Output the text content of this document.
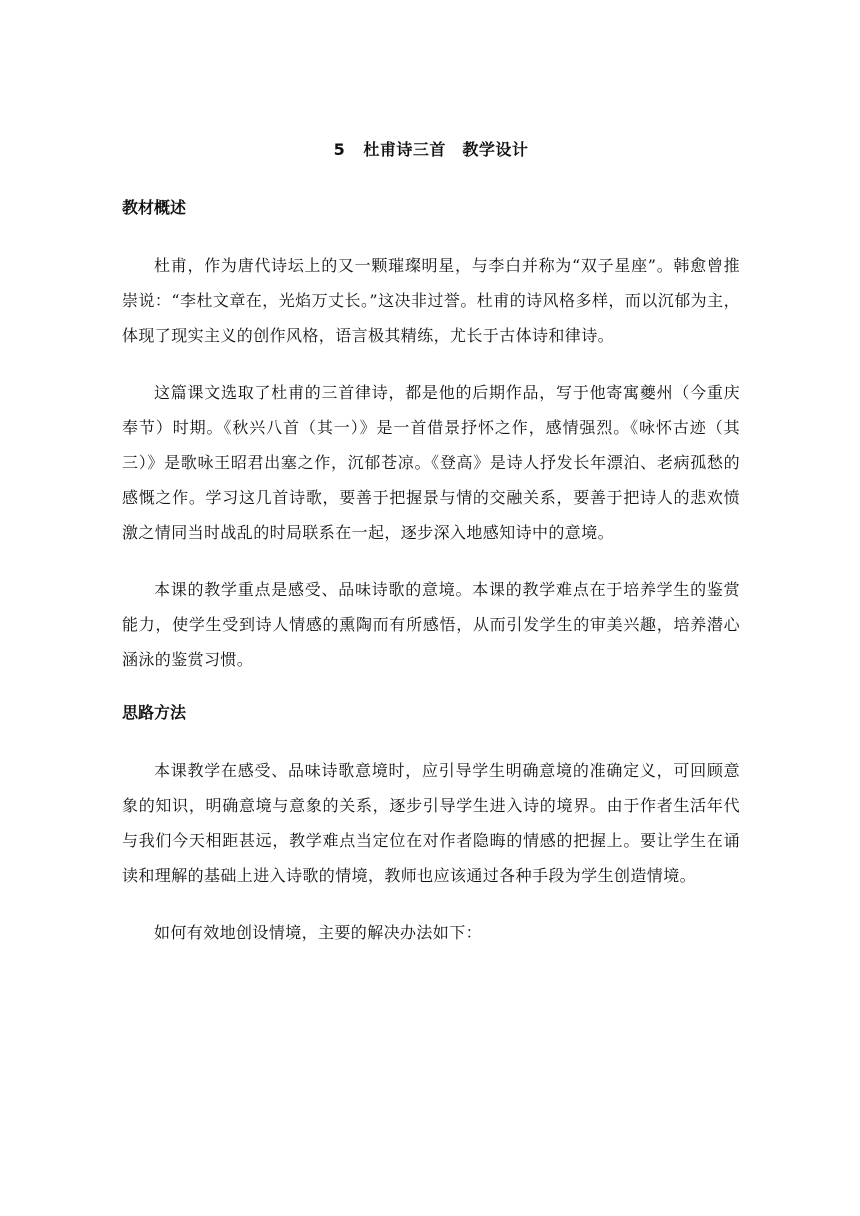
5 杜甫诗三首　教学设计
教材概述

杜甫，作为唐代诗坛上的又一颗璀璨明星，与李白并称为“双子星座”。韩愈曾推崇说：“李杜文章在，光焰万丈长。”这决非过誉。杜甫的诗风格多样，而以沉郁为主，体现了现实主义的创作风格，语言极其精练，尤长于古体诗和律诗。

这篇课文选取了杜甫的三首律诗，都是他的后期作品，写于他寄寓夔州（今重庆奉节）时期。《秋兴八首（其一）》是一首借景抒怀之作，感情强烈。《咏怀古迹（其三）》是歌咏王昭君出塞之作，沉郁苍凉。《登高》是诗人抒发长年漂泊、老病孤愁的感慨之作。学习这几首诗歌，要善于把握景与情的交融关系，要善于把诗人的悲欢愤激之情同当时战乱的时局联系在一起，逐步深入地感知诗中的意境。

本课的教学重点是感受、品味诗歌的意境。本课的教学难点在于培养学生的鉴赏能力，使学生受到诗人情感的熏陶而有所感悟，从而引发学生的审美兴趣，培养潜心涵泳的鉴赏习惯。

思路方法

本课教学在感受、品味诗歌意境时，应引导学生明确意境的准确定义，可回顾意象的知识，明确意境与意象的关系，逐步引导学生进入诗的境界。由于作者生活年代与我们今天相距甚远，教学难点当定位在对作者隐晦的情感的把握上。要让学生在诵读和理解的基础上进入诗歌的情境，教师也应该通过各种手段为学生创造情境。

如何有效地创设情境，主要的解决办法如下：
